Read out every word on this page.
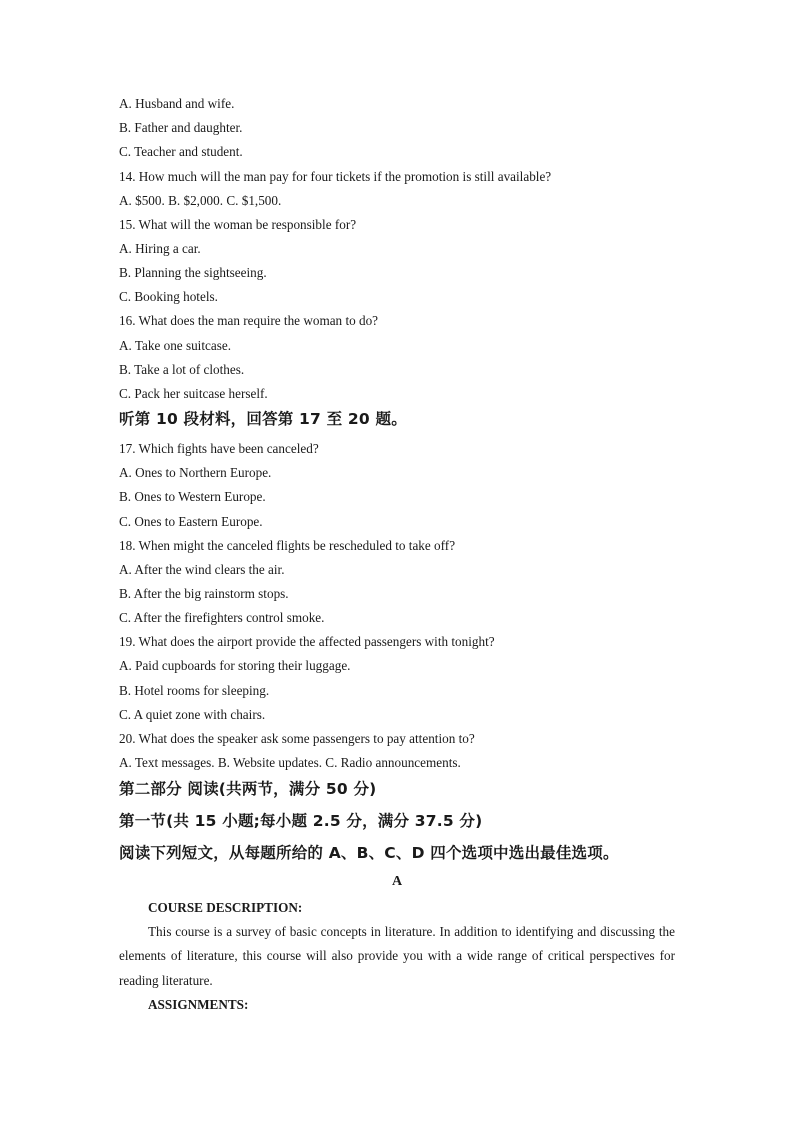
A. Husband and wife.
B. Father and daughter.
C. Teacher and student.
14. How much will the man pay for four tickets if the promotion is still available?
A. $500. B. $2,000. C. $1,500.
15. What will the woman be responsible for?
A. Hiring a car.
B. Planning the sightseeing.
C. Booking hotels.
16. What does the man require the woman to do?
A. Take one suitcase.
B. Take a lot of clothes.
C. Pack her suitcase herself.
听第 10 段材料，回答第 17 至 20 题。
17. Which fights have been canceled?
A. Ones to Northern Europe.
B. Ones to Western Europe.
C. Ones to Eastern Europe.
18. When might the canceled flights be rescheduled to take off?
A. After the wind clears the air.
B. After the big rainstorm stops.
C. After the firefighters control smoke.
19. What does the airport provide the affected passengers with tonight?
A. Paid cupboards for storing their luggage.
B. Hotel rooms for sleeping.
C. A quiet zone with chairs.
20. What does the speaker ask some passengers to pay attention to?
A. Text messages. B. Website updates. C. Radio announcements.
第二部分 阅读(共两节，满分 50 分)
第一节(共 15 小题;每小题 2.5 分，满分 37.5 分)
阅读下列短文，从每题所给的 A、B、C、D 四个选项中选出最佳选项。
A
COURSE DESCRIPTION:
This course is a survey of basic concepts in literature. In addition to identifying and discussing the elements of literature, this course will also provide you with a wide range of critical perspectives for reading literature.
ASSIGNMENTS:
